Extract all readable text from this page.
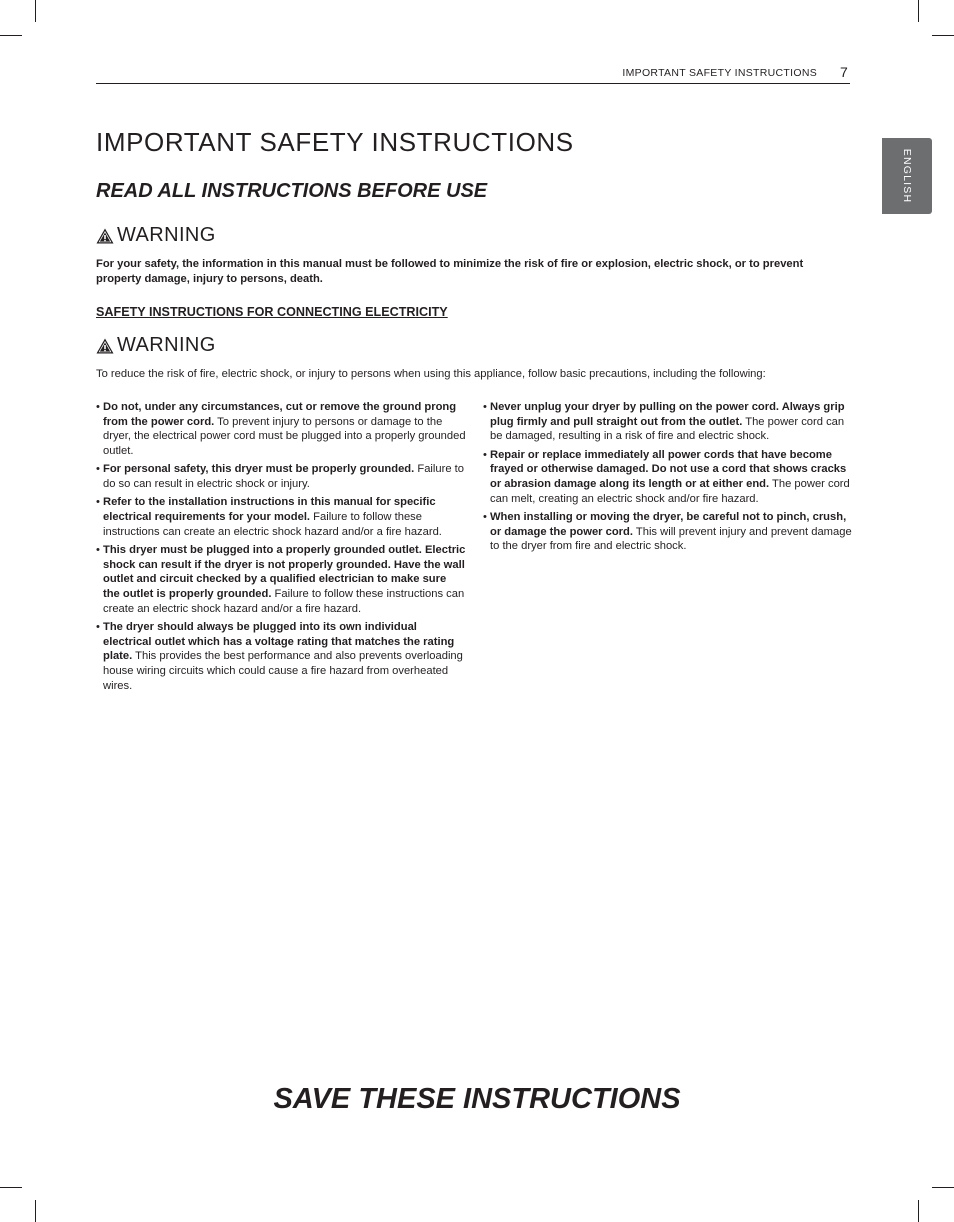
IMPORTANT SAFETY INSTRUCTIONS 7
ENGLISH
IMPORTANT SAFETY INSTRUCTIONS
READ ALL INSTRUCTIONS BEFORE USE
WARNING

For your safety, the information in this manual must be followed to minimize the risk of fire or explosion, electric shock, or to prevent property damage, injury to persons, death.

SAFETY INSTRUCTIONS FOR CONNECTING ELECTRICITY

WARNING

To reduce the risk of fire, electric shock, or injury to persons when using this appliance, follow basic precautions, including the following:

• Do not, under any circumstances, cut or remove the ground prong from the power cord. To prevent injury to persons or damage to the dryer, the electrical power cord must be plugged into a properly grounded outlet.
• For personal safety, this dryer must be properly grounded. Failure to do so can result in electric shock or injury.
• Refer to the installation instructions in this manual for specific electrical requirements for your model. Failure to follow these instructions can create an electric shock hazard and/or a fire hazard.
• This dryer must be plugged into a properly grounded outlet. Electric shock can result if the dryer is not properly grounded. Have the wall outlet and circuit checked by a qualified electrician to make sure the outlet is properly grounded. Failure to follow these instructions can create an electric shock hazard and/or a fire hazard.
• The dryer should always be plugged into its own individual electrical outlet which has a voltage rating that matches the rating plate. This provides the best performance and also prevents overloading house wiring circuits which could cause a fire hazard from overheated wires.
• Never unplug your dryer by pulling on the power cord. Always grip plug firmly and pull straight out from the outlet. The power cord can be damaged, resulting in a risk of fire and electric shock.
• Repair or replace immediately all power cords that have become frayed or otherwise damaged. Do not use a cord that shows cracks or abrasion damage along its length or at either end. The power cord can melt, creating an electric shock and/or fire hazard.
• When installing or moving the dryer, be careful not to pinch, crush, or damage the power cord. This will prevent injury and prevent damage to the dryer from fire and electric shock.

SAVE THESE INSTRUCTIONS
